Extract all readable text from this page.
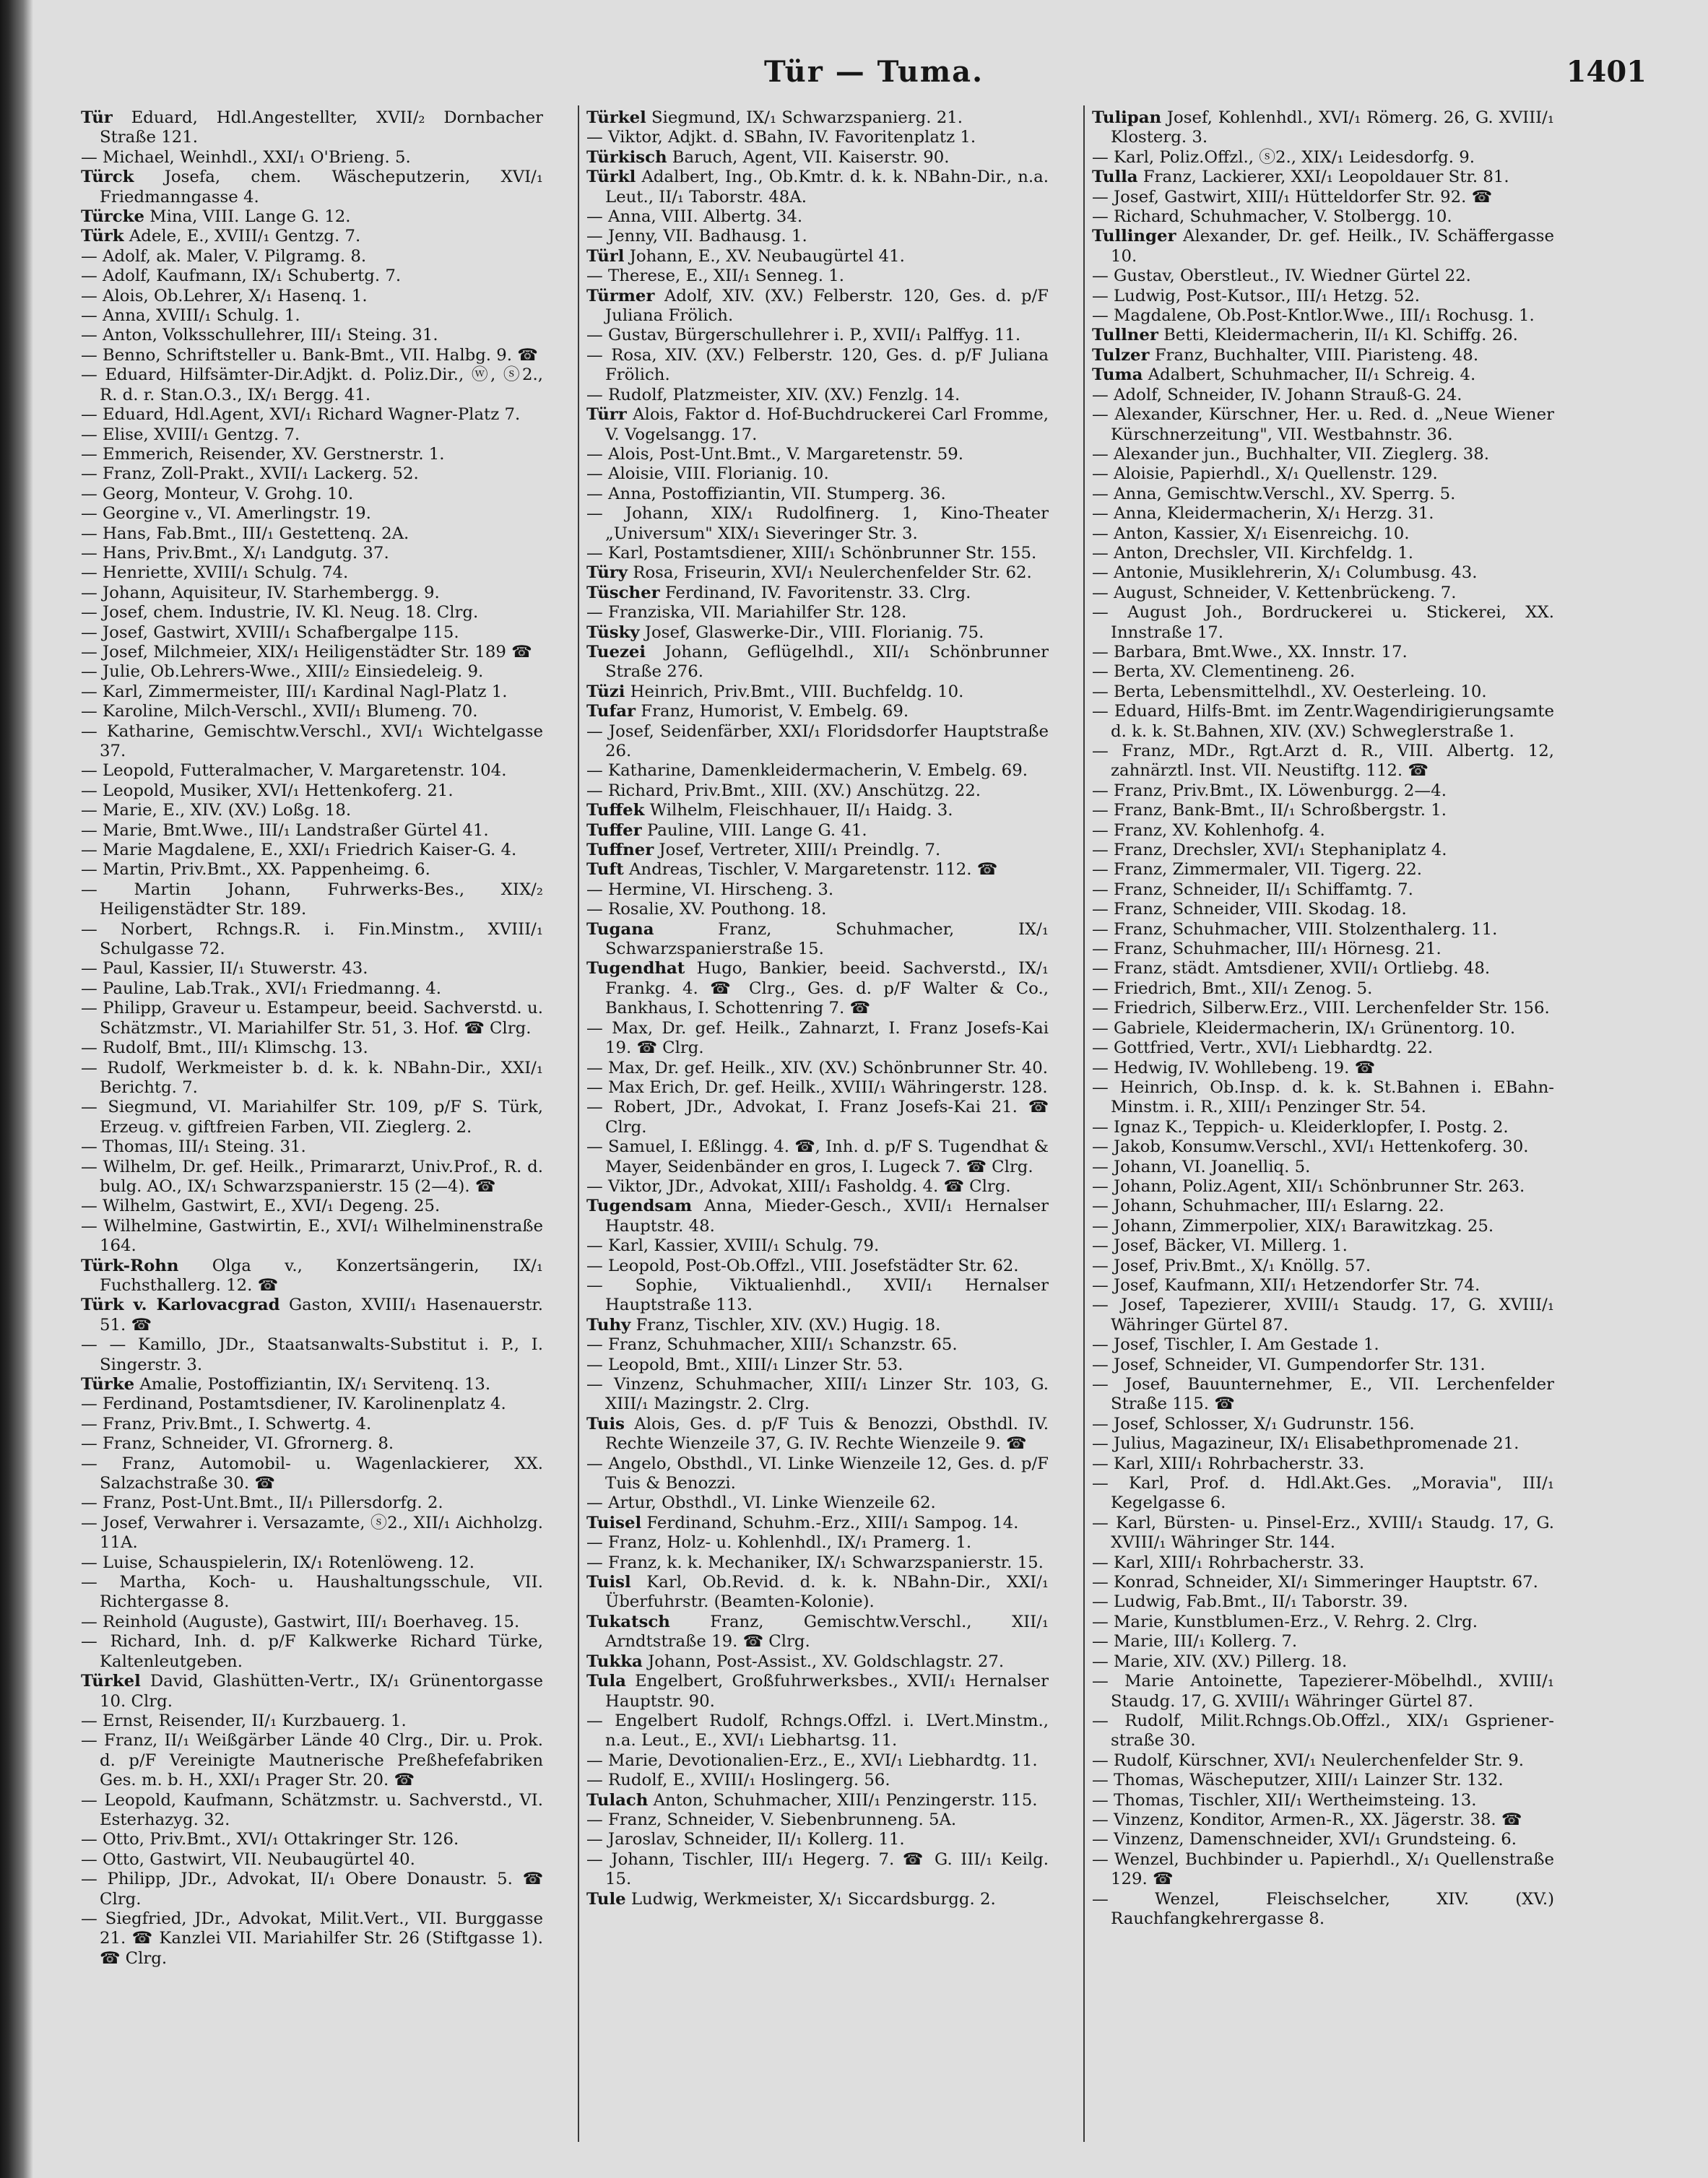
Tür — Tuma.	1401

Tür Eduard, Hdl.Angestellter, XVII/₂ Dornbacher Straße 121.

— Michael, Weinhdl., XXI/₁ O'Brieng. 5.

Türck Josefa, chem. Wäscheputzerin, XVI/₁ Friedmanngasse 4.

Türcke Mina, VIII. Lange G. 12.

Türk Adele, E., XVIII/₁ Gentzg. 7.

— Adolf, ak. Maler, V. Pilgramg. 8.

— Adolf, Kaufmann, IX/₁ Schubertg. 7.

— Alois, Ob.Lehrer, X/₁ Hasenq. 1.

— Anna, XVIII/₁ Schulg. 1.

— Anton, Volksschullehrer, III/₁ Steing. 31.

— Benno, Schriftsteller u. Bank-Bmt., VII. Halbg. 9. ☎

— Eduard, Hilfsämter-Dir.Adjkt. d. Poliz.Dir., ⓦ, ⓢ2., R. d. r. Stan.O.3., IX/₁ Bergg. 41.

— Eduard, Hdl.Agent, XVI/₁ Richard Wagner-Platz 7.

— Elise, XVIII/₁ Gentzg. 7.

— Emmerich, Reisender, XV. Gerstnerstr. 1.

— Franz, Zoll-Prakt., XVII/₁ Lackerg. 52.

— Georg, Monteur, V. Grohg. 10.

— Georgine v., VI. Amerlingstr. 19.

— Hans, Fab.Bmt., III/₁ Gestettenq. 2A.

— Hans, Priv.Bmt., X/₁ Landgutg. 37.

— Henriette, XVIII/₁ Schulg. 74.

— Johann, Aquisiteur, IV. Starhembergg. 9.

— Josef, chem. Industrie, IV. Kl. Neug. 18. Clrg.

— Josef, Gastwirt, XVIII/₁ Schafbergalpe 115.

— Josef, Milchmeier, XIX/₁ Heiligenstädter Str. 189 ☎

— Julie, Ob.Lehrers-Wwe., XIII/₂ Einsiedeleig. 9.

— Karl, Zimmermeister, III/₁ Kardinal Nagl-Platz 1.

— Karoline, Milch-Verschl., XVII/₁ Blumeng. 70.

— Katharine, Gemischtw.Verschl., XVI/₁ Wichtelgasse 37.

— Leopold, Futteralmacher, V. Margaretenstr. 104.

— Leopold, Musiker, XVI/₁ Hettenkoferg. 21.

— Marie, E., XIV. (XV.) Loßg. 18.

— Marie, Bmt.Wwe., III/₁ Landstraßer Gürtel 41.

— Marie Magdalene, E., XXI/₁ Friedrich Kaiser-G. 4.

— Martin, Priv.Bmt., XX. Pappenheimg. 6.

— Martin Johann, Fuhrwerks-Bes., XIX/₂ Heiligenstädter Str. 189.

— Norbert, Rchngs.R. i. Fin.Minstm., XVIII/₁ Schulgasse 72.

— Paul, Kassier, II/₁ Stuwerstr. 43.

— Pauline, Lab.Trak., XVI/₁ Friedmanng. 4.

— Philipp, Graveur u. Estampeur, beeid. Sachverstd. u. Schätzmstr., VI. Mariahilfer Str. 51, 3. Hof. ☎ Clrg.

— Rudolf, Bmt., III/₁ Klimschg. 13.

— Rudolf, Werkmeister b. d. k. k. NBahn-Dir., XXI/₁ Berichtg. 7.

— Siegmund, VI. Mariahilfer Str. 109, p/F S. Türk, Erzeug. v. giftfreien Farben, VII. Zieglerg. 2.

— Thomas, III/₁ Steing. 31.

— Wilhelm, Dr. gef. Heilk., Primararzt, Univ.Prof., R. d. bulg. AO., IX/₁ Schwarzspanierstr. 15 (2—4). ☎

— Wilhelm, Gastwirt, E., XVI/₁ Degeng. 25.

— Wilhelmine, Gastwirtin, E., XVI/₁ Wilhelminenstraße 164.

Türk-Rohn Olga v., Konzertsängerin, IX/₁ Fuchsthallerg. 12. ☎

Türk v. Karlovacgrad Gaston, XVIII/₁ Hasenauerstr. 51. ☎

— — Kamillo, JDr., Staatsanwalts-Substitut i. P., I. Singerstr. 3.

Türke Amalie, Postoffiziantin, IX/₁ Servitenq. 13.

— Ferdinand, Postamtsdiener, IV. Karolinenplatz 4.

— Franz, Priv.Bmt., I. Schwertg. 4.

— Franz, Schneider, VI. Gfrornerg. 8.

— Franz, Automobil- u. Wagenlackierer, XX. Salzachstraße 30. ☎

— Franz, Post-Unt.Bmt., II/₁ Pillersdorfg. 2.

— Josef, Verwahrer i. Versazamte, ⓢ2., XII/₁ Aichholzg. 11A.

— Luise, Schauspielerin, IX/₁ Rotenlöweng. 12.

— Martha, Koch- u. Haushaltungsschule, VII. Richtergasse 8.

— Reinhold (Auguste), Gastwirt, III/₁ Boerhaveg. 15.

— Richard, Inh. d. p/F Kalkwerke Richard Türke, Kaltenleutgeben.

Türkel David, Glashütten-Vertr., IX/₁ Grünentorgasse 10. Clrg.

— Ernst, Reisender, II/₁ Kurzbauerg. 1.

— Franz, II/₁ Weißgärber Lände 40 Clrg., Dir. u. Prok. d. p/F Vereinigte Mautnerische Preßhefefabriken Ges. m. b. H., XXI/₁ Prager Str. 20. ☎

— Leopold, Kaufmann, Schätzmstr. u. Sachverstd., VI. Esterhazyg. 32.

— Otto, Priv.Bmt., XVI/₁ Ottakringer Str. 126.

— Otto, Gastwirt, VII. Neubaugürtel 40.

— Philipp, JDr., Advokat, II/₁ Obere Donaustr. 5. ☎ Clrg.

— Siegfried, JDr., Advokat, Milit.Vert., VII. Burggasse 21. ☎ Kanzlei VII. Mariahilfer Str. 26 (Stiftgasse 1). ☎ Clrg.

Türkel Siegmund, IX/₁ Schwarzspanierg. 21.

— Viktor, Adjkt. d. SBahn, IV. Favoritenplatz 1.

Türkisch Baruch, Agent, VII. Kaiserstr. 90.

Türkl Adalbert, Ing., Ob.Kmtr. d. k. k. NBahn-Dir., n.a. Leut., II/₁ Taborstr. 48A.

— Anna, VIII. Albertg. 34.

— Jenny, VII. Badhausg. 1.

Türl Johann, E., XV. Neubaugürtel 41.

— Therese, E., XII/₁ Senneg. 1.

Türmer Adolf, XIV. (XV.) Felberstr. 120, Ges. d. p/F Juliana Frölich.

— Gustav, Bürgerschullehrer i. P., XVII/₁ Palffyg. 11.

— Rosa, XIV. (XV.) Felberstr. 120, Ges. d. p/F Juliana Frölich.

— Rudolf, Platzmeister, XIV. (XV.) Fenzlg. 14.

Türr Alois, Faktor d. Hof-Buchdruckerei Carl Fromme, V. Vogelsangg. 17.

— Alois, Post-Unt.Bmt., V. Margaretenstr. 59.

— Aloisie, VIII. Florianig. 10.

— Anna, Postoffiziantin, VII. Stumperg. 36.

— Johann, XIX/₁ Rudolfinerg. 1, Kino-Theater „Universum" XIX/₁ Sieveringer Str. 3.

— Karl, Postamtsdiener, XIII/₁ Schönbrunner Str. 155.

Türy Rosa, Friseurin, XVI/₁ Neulerchenfelder Str. 62.

Tüscher Ferdinand, IV. Favoritenstr. 33. Clrg.

— Franziska, VII. Mariahilfer Str. 128.

Tüsky Josef, Glaswerke-Dir., VIII. Florianig. 75.

Tuezei Johann, Geflügelhdl., XII/₁ Schönbrunner Straße 276.

Tüzi Heinrich, Priv.Bmt., VIII. Buchfeldg. 10.

Tufar Franz, Humorist, V. Embelg. 69.

— Josef, Seidenfärber, XXI/₁ Floridsdorfer Hauptstraße 26.

— Katharine, Damenkleidermacherin, V. Embelg. 69.

— Richard, Priv.Bmt., XIII. (XV.) Anschützg. 22.

Tuffek Wilhelm, Fleischhauer, II/₁ Haidg. 3.

Tuffer Pauline, VIII. Lange G. 41.

Tuffner Josef, Vertreter, XIII/₁ Preindlg. 7.

Tuft Andreas, Tischler, V. Margaretenstr. 112. ☎

— Hermine, VI. Hirscheng. 3.

— Rosalie, XV. Pouthong. 18.

Tugana	Franz, Schuhmacher, IX/₁ Schwarzspanierstraße 15.

Tugendhat Hugo, Bankier, beeid. Sachverstd., IX/₁ Frankg. 4. ☎ Clrg., Ges. d. p/F Walter & Co., Bankhaus, I. Schottenring 7. ☎

— Max, Dr. gef. Heilk., Zahnarzt, I. Franz Josefs-Kai 19. ☎ Clrg.

— Max, Dr. gef. Heilk., XIV. (XV.) Schönbrunner Str. 40.

— Max Erich, Dr. gef. Heilk., XVIII/₁ Währingerstr. 128.

— Robert, JDr., Advokat, I. Franz Josefs-Kai 21. ☎ Clrg.

— Samuel, I. Eßlingg. 4. ☎, Inh. d. p/F S. Tugendhat & Mayer, Seidenbänder en gros, I. Lugeck 7. ☎ Clrg.

— Viktor, JDr., Advokat, XIII/₁ Fasholdg. 4. ☎ Clrg.

Tugendsam Anna, Mieder-Gesch., XVII/₁ Hernalser Hauptstr. 48.

— Karl, Kassier, XVIII/₁ Schulg. 79.

— Leopold, Post-Ob.Offzl., VIII. Josefstädter Str. 62.

— Sophie, Viktualienhdl., XVII/₁ Hernalser Hauptstraße 113.

Tuhy Franz, Tischler, XIV. (XV.) Hugig. 18.

— Franz, Schuhmacher, XIII/₁ Schanzstr. 65.

— Leopold, Bmt., XIII/₁ Linzer Str. 53.

— Vinzenz, Schuhmacher, XIII/₁ Linzer Str. 103, G. XIII/₁ Mazingstr. 2. Clrg.

Tuis Alois, Ges. d. p/F Tuis & Benozzi, Obsthdl. IV. Rechte Wienzeile 37, G. IV. Rechte Wienzeile 9. ☎

— Angelo, Obsthdl., VI. Linke Wienzeile 12, Ges. d. p/F Tuis & Benozzi.

— Artur, Obsthdl., VI. Linke Wienzeile 62.

Tuisel Ferdinand, Schuhm.-Erz., XIII/₁ Sampog. 14.

— Franz, Holz- u. Kohlenhdl., IX/₁ Pramerg. 1.

— Franz, k. k. Mechaniker, IX/₁ Schwarzspanierstr. 15.

Tuisl Karl, Ob.Revid. d. k. k. NBahn-Dir., XXI/₁ Überfuhrstr. (Beamten-Kolonie).

Tukatsch Franz, Gemischtw.Verschl., XII/₁ Arndtstraße 19. ☎ Clrg.

Tukka Johann, Post-Assist., XV. Goldschlagstr. 27.

Tula Engelbert, Großfuhrwerksbes., XVII/₁ Hernalser Hauptstr. 90.

— Engelbert Rudolf, Rchngs.Offzl. i. LVert.Minstm., n.a. Leut., E., XVI/₁ Liebhartsg. 11.

— Marie, Devotionalien-Erz., E., XVI/₁ Liebhardtg. 11.

— Rudolf, E., XVIII/₁ Hoslingerg. 56.

Tulach Anton, Schuhmacher, XIII/₁ Penzingerstr. 115.

— Franz, Schneider, V. Siebenbrunneng. 5A.

— Jaroslav, Schneider, II/₁ Kollerg. 11.

— Johann, Tischler, III/₁ Hegerg. 7. ☎ G. III/₁ Keilg. 15.

Tule Ludwig, Werkmeister, X/₁ Siccardsburgg. 2.

Tulipan Josef, Kohlenhdl., XVI/₁ Römerg. 26, G. XVIII/₁ Klosterg. 3.

— Karl, Poliz.Offzl., ⓢ2., XIX/₁ Leidesdorfg. 9.

Tulla Franz, Lackierer, XXI/₁ Leopoldauer Str. 81.

— Josef, Gastwirt, XIII/₁ Hütteldorfer Str. 92. ☎

— Richard, Schuhmacher, V. Stolbergg. 10.

Tullinger Alexander, Dr. gef. Heilk., IV. Schäffergasse 10.

— Gustav, Oberstleut., IV. Wiedner Gürtel 22.

— Ludwig, Post-Kutsor., III/₁ Hetzg. 52.

— Magdalene, Ob.Post-Kntlor.Wwe., III/₁ Rochusg. 1.

Tullner Betti, Kleidermacherin, II/₁ Kl. Schiffg. 26.

Tulzer Franz, Buchhalter, VIII. Piaristeng. 48.

Tuma Adalbert, Schuhmacher, II/₁ Schreig. 4.

— Adolf, Schneider, IV. Johann Strauß-G. 24.

— Alexander, Kürschner, Her. u. Red. d. „Neue Wiener Kürschnerzeitung", VII. Westbahnstr. 36.

— Alexander jun., Buchhalter, VII. Zieglerg. 38.

— Aloisie, Papierhdl., X/₁ Quellenstr. 129.

— Anna, Gemischtw.Verschl., XV. Sperrg. 5.

— Anna, Kleidermacherin, X/₁ Herzg. 31.

— Anton, Kassier, X/₁ Eisenreichg. 10.

— Anton, Drechsler, VII. Kirchfeldg. 1.

— Antonie, Musiklehrerin, X/₁ Columbusg. 43.

— August, Schneider, V. Kettenbrückeng. 7.

— August Joh., Bordruckerei u. Stickerei, XX. Innstraße 17.

— Barbara, Bmt.Wwe., XX. Innstr. 17.

— Berta, XV. Clementineng. 26.

— Berta, Lebensmittelhdl., XV. Oesterleing. 10.

— Eduard, Hilfs-Bmt. im Zentr.Wagendirigierungsamte d. k. k. St.Bahnen, XIV. (XV.) Schweglerstraße 1.

— Franz, MDr., Rgt.Arzt d. R., VIII. Albertg. 12, zahnärztl. Inst. VII. Neustiftg. 112. ☎

— Franz, Priv.Bmt., IX. Löwenburgg. 2—4.

— Franz, Bank-Bmt., II/₁ Schroßbergstr. 1.

— Franz, XV. Kohlenhofg. 4.

— Franz, Drechsler, XVI/₁ Stephaniplatz 4.

— Franz, Zimmermaler, VII. Tigerg. 22.

— Franz, Schneider, II/₁ Schiffamtg. 7.

— Franz, Schneider, VIII. Skodag. 18.

— Franz, Schuhmacher, VIII. Stolzenthalerg. 11.

— Franz, Schuhmacher, III/₁ Hörnesg. 21.

— Franz, städt. Amtsdiener, XVII/₁ Ortliebg. 48.

— Friedrich, Bmt., XII/₁ Zenog. 5.

— Friedrich, Silberw.Erz., VIII. Lerchenfelder Str. 156.

— Gabriele, Kleidermacherin, IX/₁ Grünentorg. 10.

— Gottfried, Vertr., XVI/₁ Liebhardtg. 22.

— Hedwig, IV. Wohllebeng. 19. ☎

— Heinrich, Ob.Insp. d. k. k. St.Bahnen i. EBahn-Minstm. i. R., XIII/₁ Penzinger Str. 54.

— Ignaz K., Teppich- u. Kleiderklopfer, I. Postg. 2.

— Jakob, Konsumw.Verschl., XVI/₁ Hettenkoferg. 30.

— Johann, VI. Joanelliq. 5.

— Johann, Poliz.Agent, XII/₁ Schönbrunner Str. 263.

— Johann, Schuhmacher, III/₁ Eslarng. 22.

— Johann, Zimmerpolier, XIX/₁ Barawitzkag. 25.

— Josef, Bäcker, VI. Millerg. 1.

— Josef, Priv.Bmt., X/₁ Knöllg. 57.

— Josef, Kaufmann, XII/₁ Hetzendorfer Str. 74.

— Josef, Tapezierer, XVIII/₁ Staudg. 17, G. XVIII/₁ Währinger Gürtel 87.

— Josef, Tischler, I. Am Gestade 1.

— Josef, Schneider, VI. Gumpendorfer Str. 131.

— Josef, Bauunternehmer, E., VII. Lerchenfelder Straße 115. ☎

— Josef, Schlosser, X/₁ Gudrunstr. 156.

— Julius, Magazineur, IX/₁ Elisabethpromenade 21.

— Karl, XIII/₁ Rohrbacherstr. 33.

— Karl, Prof. d. Hdl.Akt.Ges. „Moravia", III/₁ Kegelgasse 6.

— Karl, Bürsten- u. Pinsel-Erz., XVIII/₁ Staudg. 17, G. XVIII/₁ Währinger Str. 144.

— Karl, XIII/₁ Rohrbacherstr. 33.

— Konrad, Schneider, XI/₁ Simmeringer Hauptstr. 67.

— Ludwig, Fab.Bmt., II/₁ Taborstr. 39.

— Marie, Kunstblumen-Erz., V. Rehrg. 2. Clrg.

— Marie, III/₁ Kollerg. 7.

— Marie, XIV. (XV.) Pillerg. 18.

— Marie Antoinette, Tapezierer-Möbelhdl., XVIII/₁ Staudg. 17, G. XVIII/₁ Währinger Gürtel 87.

— Rudolf, Milit.Rchngs.Ob.Offzl., XIX/₁ Gspriener-straße 30.

— Rudolf, Kürschner, XVI/₁ Neulerchenfelder Str. 9.

— Thomas, Wäscheputzer, XIII/₁ Lainzer Str. 132.

— Thomas, Tischler, XII/₁ Wertheimsteing. 13.

— Vinzenz, Konditor, Armen-R., XX. Jägerstr. 38. ☎

— Vinzenz, Damenschneider, XVI/₁ Grundsteing. 6.

— Wenzel, Buchbinder u. Papierhdl., X/₁ Quellenstraße 129. ☎

— Wenzel, Fleischselcher, XIV. (XV.) Rauchfangkehrergasse 8.
